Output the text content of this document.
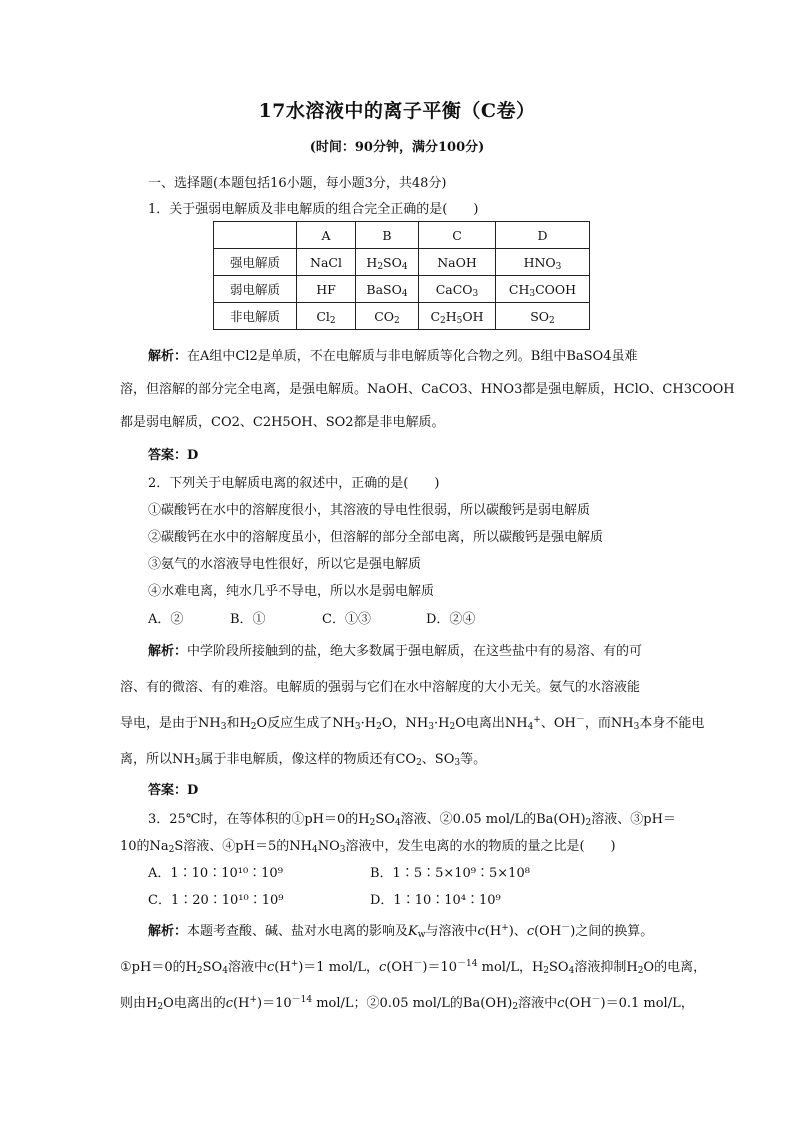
17水溶液中的离子平衡（C卷）
(时间：90分钟，满分100分)
一、选择题(本题包括16小题，每小题3分，共48分)
1．关于强弱电解质及非电解质的组合完全正确的是(　　)
	A	B	C	D
强电解质	NaCl	$H_2SO_4$	NaOH	$HNO_3$
弱电解质	HF	BaSO$_4$	CaCO$_3$	$CH_3COOH$
非电解质	$Cl_2$	$CO_2$	$C_2H_5OH$	$SO_2$
解析：在A组中Cl2是单质，不在电解质与非电解质等化合物之列。B组中BaSO4虽难
溶，但溶解的部分完全电离，是强电解质。NaOH、CaCO3、HNO3都是强电解质，HClO、CH3COOH
都是弱电解质，CO2、C2H5OH、SO2都是非电解质。
答案：D
2．下列关于电解质电离的叙述中，正确的是(　　)
①碳酸钙在水中的溶解度很小，其溶液的导电性很弱，所以碳酸钙是弱电解质
②碳酸钙在水中的溶解度虽小，但溶解的部分全部电离，所以碳酸钙是强电解质
③氨气的水溶液导电性很好，所以它是强电解质
④水难电离，纯水几乎不导电，所以水是弱电解质
A．②	B．①	C．①③	D．②④
解析：中学阶段所接触到的盐，绝大多数属于强电解质，在这些盐中有的易溶、有的可
溶、有的微溶、有的难溶。电解质的强弱与它们在水中溶解度的大小无关。氨气的水溶液能
导电，是由于$NH_3$和$H_2O$反应生成了$NH_3\cdot H_2O$，$NH_3\cdot H_2O$电离出$NH_4^+$、OH－，而$NH_3$本身不能电
离，所以$NH_3$属于非电解质，像这样的物质还有$CO_2$、$SO_3$等。
答案：D
3．25℃时，在等体积的①pH＝0的$H_2SO_4$溶液、②0.05 mol/L的$Ba(OH)_2$溶液、③pH＝
10的$Na_2S$溶液、④pH＝5的$NH_4NO_3$溶液中，发生电离的水的物质的量之比是(　　)
A．1∶10∶10¹⁰∶10⁹	B．1∶5∶5×10⁹∶5×10⁸
C．1∶20∶10¹⁰∶10⁹	D．1∶10∶10⁴∶10⁹
解析：本题考查酸、碱、盐对水电离的影响及$K_w$与溶液中c(H+)、c(OH－)之间的换算。
①pH＝0的$H_2SO_4$溶液中c(H+)＝1 mol/L，$c(OH^-)=10^{-14}$ mol/L，$H_2SO_4$溶液抑制$H_2O$的电离，
则由$H_2O$电离出的$c(H^+)=10^{-14}$ mol/L；②0.05 mol/L的$Ba(OH)_2$溶液中c(OH－)＝0.1 mol/L，
